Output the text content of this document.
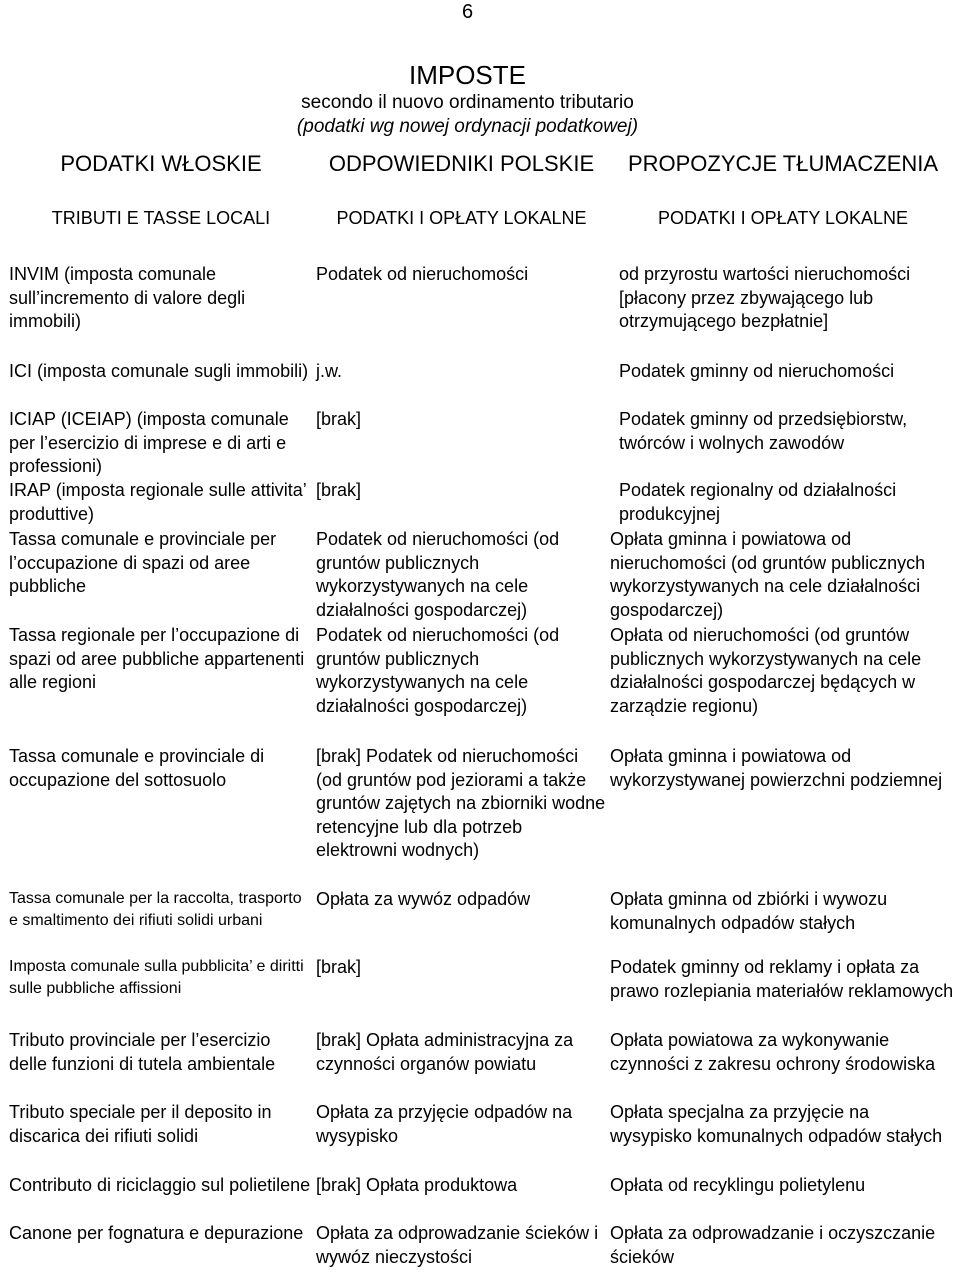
6
IMPOSTE
secondo il nuovo ordinamento tributario
(podatki wg nowej ordynacji podatkowej)
PODATKI WŁOSKIE	ODPOWIEDNIKI POLSKIE	PROPOZYCJE TŁUMACZENIA
TRIBUTI E TASSE LOCALI	PODATKI I OPŁATY LOKALNE	PODATKI I OPŁATY LOKALNE
INVIM (imposta comunale sull’incremento di valore degli immobili)	Podatek od nieruchomości	od przyrostu wartości nieruchomości [płacony przez zbywającego lub otrzymującego bezpłatnie]
ICI (imposta comunale sugli immobili)	j.w.	Podatek gminny od nieruchomości
ICIAP (ICEIAP) (imposta comunale per l’esercizio di imprese e di arti e professioni)	[brak]	Podatek gminny od przedsiębiorstw, twórców i wolnych zawodów
IRAP (imposta regionale sulle attivita’ produttive)	[brak]	Podatek regionalny od działalności produkcyjnej
Tassa comunale e provinciale per l’occupazione di spazi od aree pubbliche	Podatek od nieruchomości (od gruntów publicznych wykorzystywanych na cele działalności gospodarczej)	Opłata gminna i powiatowa od nieruchomości (od gruntów publicznych wykorzystywanych na cele działalności gospodarczej)
Tassa regionale per l’occupazione di spazi od aree pubbliche appartenenti alle regioni	Podatek od nieruchomości (od gruntów publicznych wykorzystywanych na cele działalności gospodarczej)	Opłata od nieruchomości (od gruntów publicznych wykorzystywanych na cele działalności gospodarczej będących w zarządzie regionu)
Tassa comunale e provinciale di occupazione del sottosuolo	[brak] Podatek od nieruchomości (od gruntów pod jeziorami a także gruntów zajętych na zbiorniki wodne retencyjne lub dla potrzeb elektrowni wodnych)	Opłata gminna i powiatowa od wykorzystywanej powierzchni podziemnej
Tassa comunale per la raccolta, trasporto e smaltimento dei rifiuti solidi urbani	Opłata za wywóz odpadów	Opłata gminna od zbiórki i wywozu komunalnych odpadów stałych
Imposta comunale sulla pubblicita’ e diritti sulle pubbliche affissioni	[brak]	Podatek gminny od reklamy i opłata za prawo rozlepiania materiałów reklamowych
Tributo provinciale per l’esercizio delle funzioni di tutela ambientale	[brak] Opłata administracyjna za czynności organów powiatu	Opłata powiatowa za wykonywanie czynności z zakresu ochrony środowiska
Tributo speciale per il deposito in discarica dei rifiuti solidi	Opłata za przyjęcie odpadów na wysypisko	Opłata specjalna za przyjęcie na wysypisko komunalnych odpadów stałych
Contributo di riciclaggio sul polietilene	[brak] Opłata produktowa	Opłata od recyklingu polietylenu
Canone per fognatura e depurazione	Opłata za odprowadzanie ścieków i wywóz nieczystości	Opłata za odprowadzanie i oczyszczanie ścieków
